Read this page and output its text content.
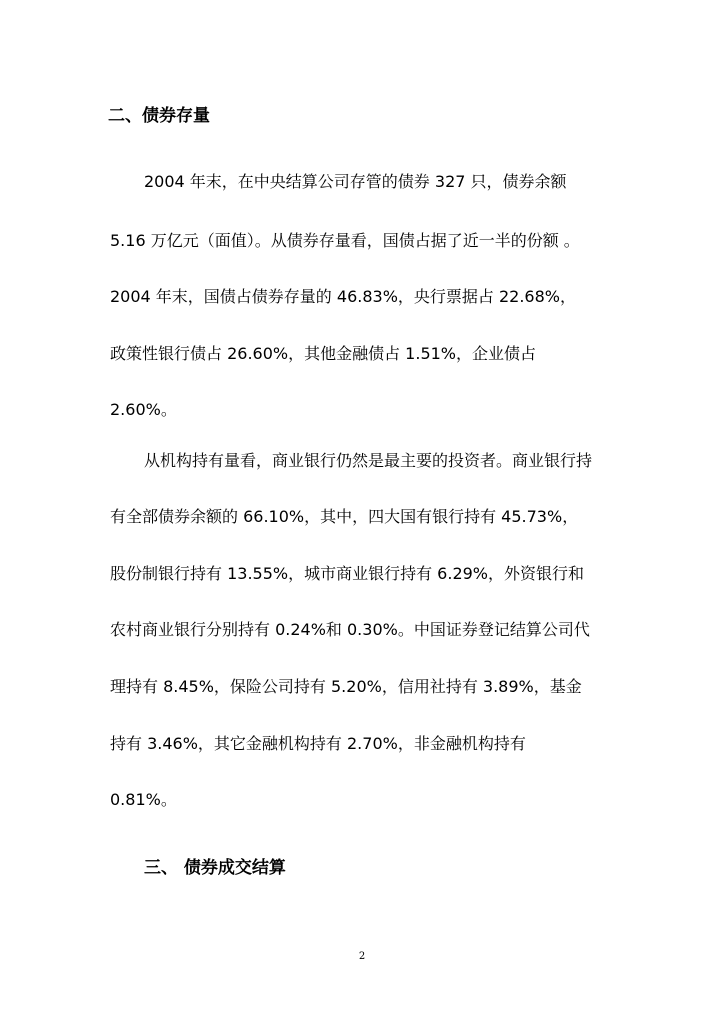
二、债券存量
2004 年末，在中央结算公司存管的债券 327 只，债券余额
5.16 万亿元（面值）。从债券存量看，国债占据了近一半的份额 。
2004 年末，国债占债券存量的 46.83%，央行票据占 22.68%，
政策性银行债占 26.60%，其他金融债占 1.51%，企业债占
2.60%。
从机构持有量看，商业银行仍然是最主要的投资者。商业银行持
有全部债券余额的 66.10%，其中，四大国有银行持有 45.73%，
股份制银行持有 13.55%，城市商业银行持有 6.29%，外资银行和
农村商业银行分别持有 0.24%和 0.30%。中国证券登记结算公司代
理持有 8.45%，保险公司持有 5.20%，信用社持有 3.89%，基金
持有 3.46%，其它金融机构持有 2.70%，非金融机构持有
0.81%。
三、 债券成交结算
2
